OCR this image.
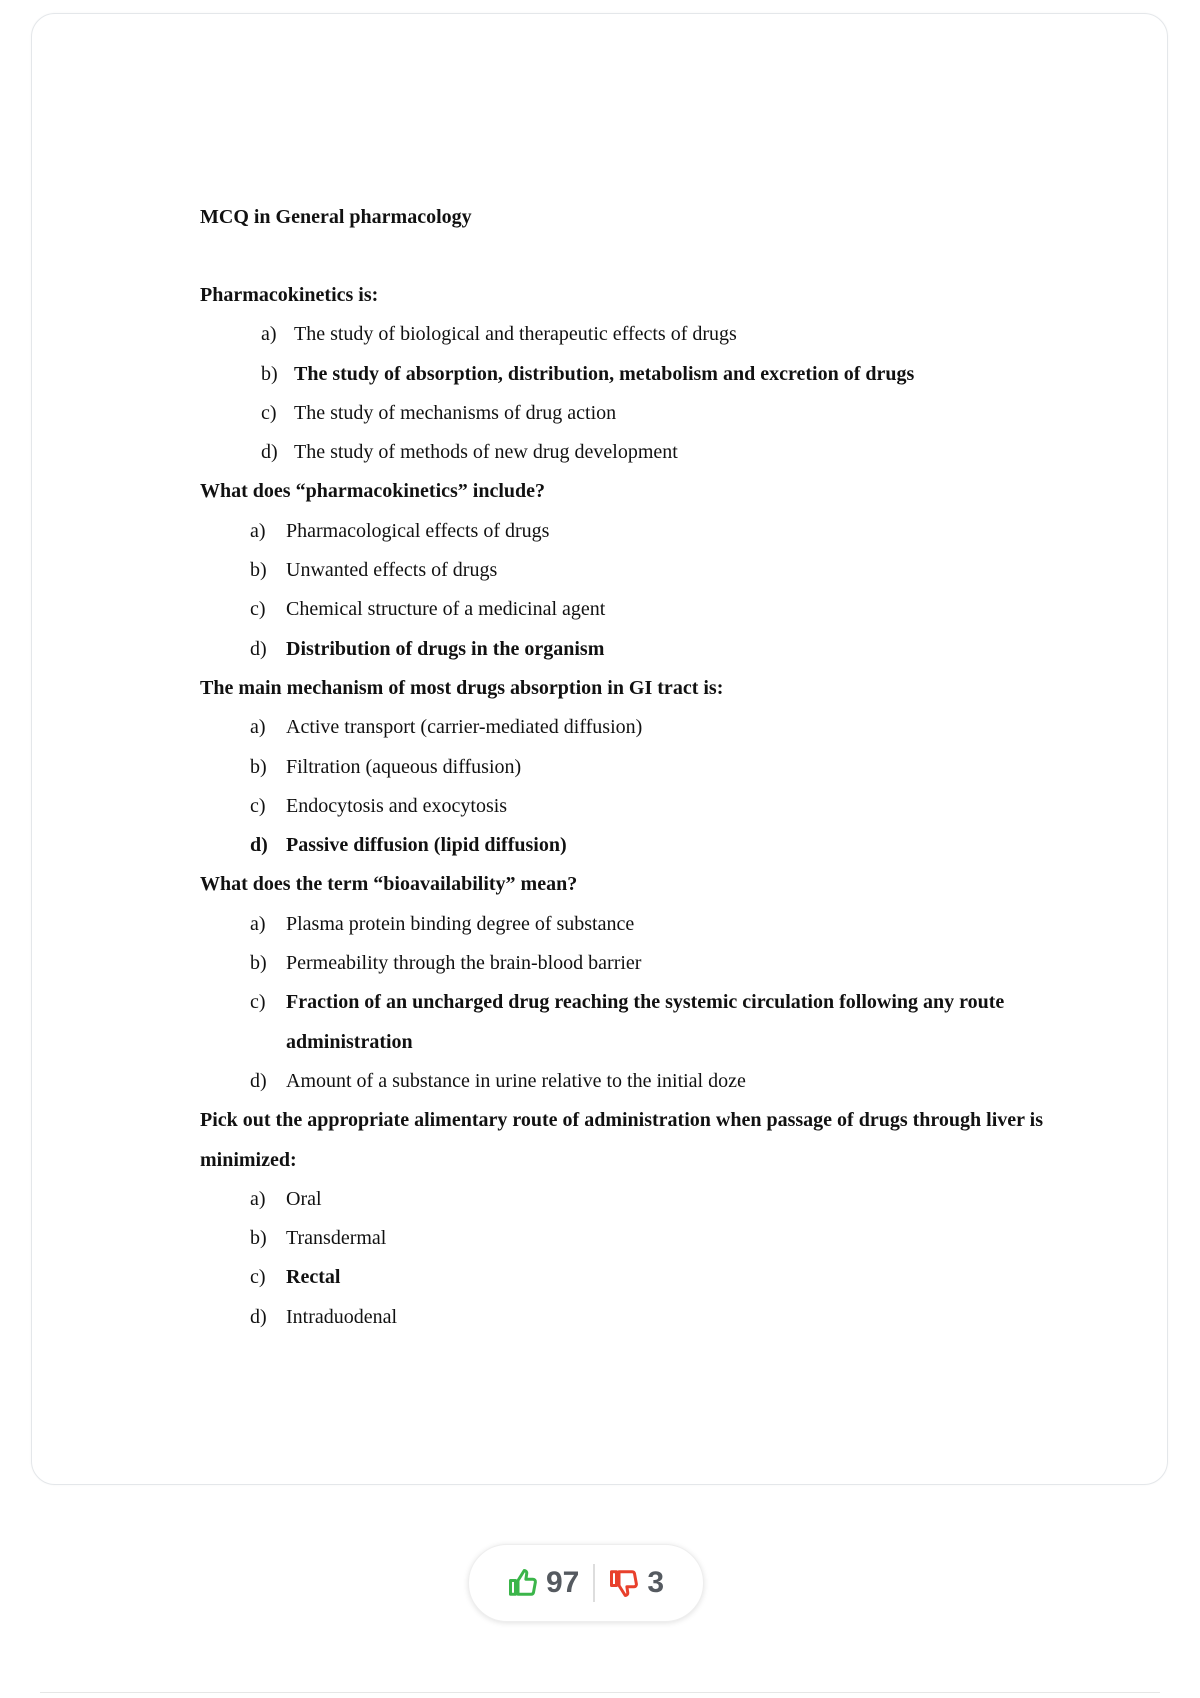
MCQ in General pharmacology

Pharmacokinetics is:
a) The study of biological and therapeutic effects of drugs
b) The study of absorption, distribution, metabolism and excretion of drugs
c) The study of mechanisms of drug action
d) The study of methods of new drug development
What does “pharmacokinetics” include?
a) Pharmacological effects of drugs
b) Unwanted effects of drugs
c) Chemical structure of a medicinal agent
d) Distribution of drugs in the organism
The main mechanism of most drugs absorption in GI tract is:
a) Active transport (carrier-mediated diffusion)
b) Filtration (aqueous diffusion)
c) Endocytosis and exocytosis
d) Passive diffusion (lipid diffusion)
What does the term “bioavailability” mean?
a) Plasma protein binding degree of substance
b) Permeability through the brain-blood barrier
c) Fraction of an uncharged drug reaching the systemic circulation following any route administration
d) Amount of a substance in urine relative to the initial doze
Pick out the appropriate alimentary route of administration when passage of drugs through liver is minimized:
a) Oral
b) Transdermal
c) Rectal
d) Intraduodenal
97 3
